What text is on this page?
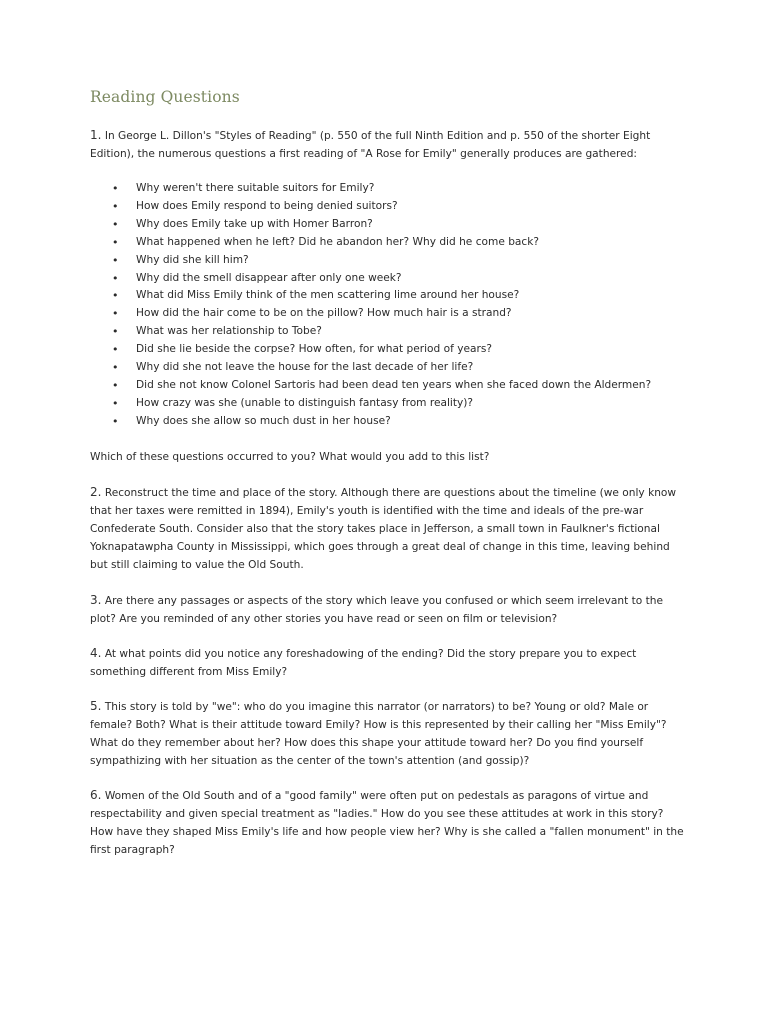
Reading Questions

1. In George L. Dillon's "Styles of Reading" (p. 550 of the full Ninth Edition and p. 550 of the shorter Eight Edition), the numerous questions a first reading of "A Rose for Emily" generally produces are gathered:

• Why weren't there suitable suitors for Emily?
• How does Emily respond to being denied suitors?
• Why does Emily take up with Homer Barron?
• What happened when he left? Did he abandon her? Why did he come back?
• Why did she kill him?
• Why did the smell disappear after only one week?
• What did Miss Emily think of the men scattering lime around her house?
• How did the hair come to be on the pillow? How much hair is a strand?
• What was her relationship to Tobe?
• Did she lie beside the corpse? How often, for what period of years?
• Why did she not leave the house for the last decade of her life?
• Did she not know Colonel Sartoris had been dead ten years when she faced down the Aldermen?
• How crazy was she (unable to distinguish fantasy from reality)?
• Why does she allow so much dust in her house?

Which of these questions occurred to you? What would you add to this list?

2. Reconstruct the time and place of the story. Although there are questions about the timeline (we only know that her taxes were remitted in 1894), Emily's youth is identified with the time and ideals of the pre-war Confederate South. Consider also that the story takes place in Jefferson, a small town in Faulkner's fictional Yoknapatawpha County in Mississippi, which goes through a great deal of change in this time, leaving behind but still claiming to value the Old South.

3. Are there any passages or aspects of the story which leave you confused or which seem irrelevant to the plot? Are you reminded of any other stories you have read or seen on film or television?

4. At what points did you notice any foreshadowing of the ending? Did the story prepare you to expect something different from Miss Emily?

5. This story is told by "we": who do you imagine this narrator (or narrators) to be? Young or old? Male or female? Both? What is their attitude toward Emily? How is this represented by their calling her "Miss Emily"? What do they remember about her? How does this shape your attitude toward her? Do you find yourself sympathizing with her situation as the center of the town's attention (and gossip)?

6. Women of the Old South and of a "good family" were often put on pedestals as paragons of virtue and respectability and given special treatment as "ladies." How do you see these attitudes at work in this story? How have they shaped Miss Emily's life and how people view her? Why is she called a "fallen monument" in the first paragraph?
